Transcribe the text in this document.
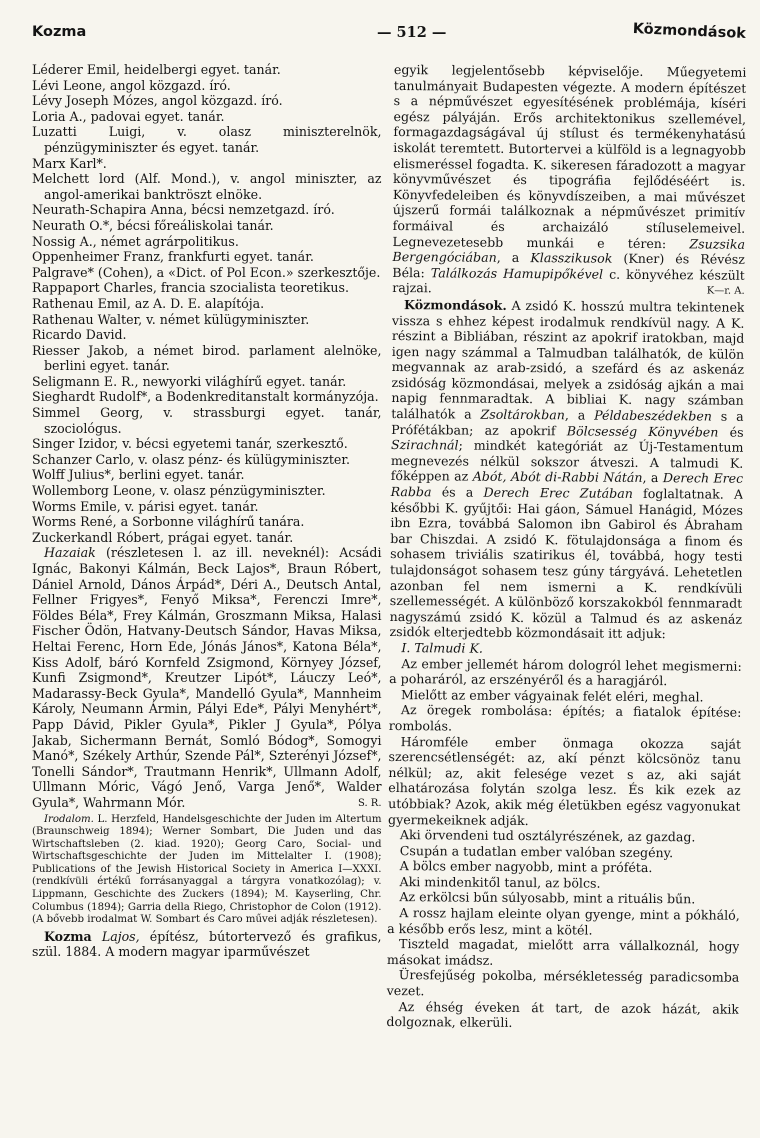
Kozma	— 512 —	Közmondások

Léderer Emil, heidelbergi egyet. tanár.

Lévi Leone, angol közgazd. író.

Lévy Joseph Mózes, angol közgazd. író.

Loria A., padovai egyet. tanár.

Luzatti Luigi, v. olasz miniszterelnök, pénzügyminiszter és egyet. tanár.

Marx Karl*.

Melchett lord (Alf. Mond.), v. angol miniszter, az angol-amerikai banktröszt elnöke.

Neurath-Schapira Anna, bécsi nemzetgazd. író.

Neurath O.*, bécsi főreáliskolai tanár.

Nossig A., német agrárpolitikus.

Oppenheimer Franz, frankfurti egyet. tanár.

Palgrave* (Cohen), a «Dict. of Pol Econ.» szerkesztője.

Rappaport Charles, francia szocialista teoretikus.

Rathenau Emil, az A. D. E. alapítója.

Rathenau Walter, v. német külügyminiszter.

Ricardo David.

Riesser Jakob, a német birod. parlament alelnöke, berlini egyet. tanár.

Seligmann E. R., newyorki világhírű egyet. tanár.

Sieghardt Rudolf*, a Bodenkreditanstalt kormányzója.

Simmel Georg, v. strassburgi egyet. tanár, szociológus.

Singer Izidor, v. bécsi egyetemi tanár, szerkesztő.

Schanzer Carlo, v. olasz pénz- és külügyminiszter.

Wolff Julius*, berlini egyet. tanár.

Wollemborg Leone, v. olasz pénzügyminiszter.

Worms Emile, v. párisi egyet. tanár.

Worms René, a Sorbonne világhírű tanára.

Zuckerkandl Róbert, prágai egyet. tanár.

Hazaiak (részletesen l. az ill. neveknél): Acsádi Ignác, Bakonyi Kálmán, Beck Lajos*, Braun Róbert, Dániel Arnold, Dános Árpád*, Déri A., Deutsch Antal, Fellner Frigyes*, Fenyő Miksa*, Ferenczi Imre*, Földes Béla*, Frey Kálmán, Groszmann Miksa, Halasi Fischer Ödön, Hatvany-Deutsch Sándor, Havas Miksa, Heltai Ferenc, Horn Ede, Jónás János*, Katona Béla*, Kiss Adolf, báró Kornfeld Zsigmond, Környey József, Kunfi Zsigmond*, Kreutzer Lipót*, Láuczy Leó*, Madarassy-Beck Gyula*, Mandelló Gyula*, Mannheim Károly, Neumann Ármin, Pályi Ede*, Pályi Menyhért*, Papp Dávid, Pikler Gyula*, Pikler J Gyula*, Pólya Jakab, Sichermann Bernát, Somló Bódog*, Somogyi Manó*, Székely Arthúr, Szende Pál*, Szterényi József*, Tonelli Sándor*, Trautmann Henrik*, Ullmann Adolf, Ullmann Móric, Vágó Jenő, Varga Jenő*, Walder Gyula*, Wahrmann Mór.	S. R.

Irodalom. L. Herzfeld, Handelsgeschichte der Juden im Altertum (Braunschweig 1894); Werner Sombart, Die Juden und das Wirtschaftsleben (2. kiad. 1920); Georg Caro, Social- und Wirtschaftsgeschichte der Juden im Mittelalter I. (1908); Publications of the Jewish Historical Society in America I—XXXI. (rendkívüli értékű forrásanyaggal a tárgyra vonatkozólag); v. Lippmann, Geschichte des Zuckers (1894); M. Kayserling, Chr. Columbus (1894); Garria della Riego, Christophor de Colon (1912). (A bővebb irodalmat W. Sombart és Caro művei adják részletesen).

Kozma Lajos, építész, bútortervező és grafikus, szül. 1884. A modern magyar iparművészet

egyik legjelentősebb képviselője. Műegyetemi tanulmányait Budapesten végezte. A modern építészet s a népművészet egyesítésének problémája, kíséri egész pályáján. Erős architektonikus szellemével, formagazdagságával új stílust és termékenyhatású iskolát teremtett. Butortervei a külföld is a legnagyobb elismeréssel fogadta. K. sikeresen fáradozott a magyar könyvművészet és tipográfia fejlődéséért is. Könyvfedeleiben és könyvdíszeiben, a mai művészet újszerű formái találkoznak a népművészet primitív formáival és archaizáló stíluselemeivel. Legnevezetesebb munkái e téren: Zsuzsika Bergengóciában, a Klasszikusok (Kner) és Révész Béla: Találkozás Hamupipőkével c. könyvéhez készült rajzai.	K—r. A.

Közmondások. A zsidó K. hosszú multra tekintenek vissza s ehhez képest irodalmuk rendkívül nagy. A K. részint a Bibliában, részint az apokrif iratokban, majd igen nagy számmal a Talmudban találhatók, de külön megvannak az arab-zsidó, a szefárd és az askenáz zsidóság közmondásai, melyek a zsidóság ajkán a mai napig fennmaradtak. A bibliai K. nagy számban találhatók a Zsoltárokban, a Példabeszédekben s a Prófétákban; az apokrif Bölcsesség Könyvében és Szirachnál; mindkét kategóriát az Új-Testamentum megnevezés nélkül sokszor átveszi. A talmudi K. főképpen az Abót, Abót di-Rabbi Nátán, a Derech Erec Rabba és a Derech Erec Zutában foglaltatnak. A későbbi K. gyűjtői: Hai gáon, Sámuel Hanágid, Mózes ibn Ezra, továbbá Salomon ibn Gabirol és Ábraham bar Chiszdai. A zsidó K. fötulajdonsága a finom és sohasem triviális szatirikus él, továbbá, hogy testi tulajdonságot sohasem tesz gúny tárgyává. Lehetetlen azonban fel nem ismerni a K. rendkívüli szellemességét. A különböző korszakokból fennmaradt nagyszámú zsidó K. közül a Talmud és az askenáz zsidók elterjedtebb közmondásait itt adjuk:

I. Talmudi K.

Az ember jellemét három dologról lehet megismerni: a poharáról, az erszényéről és a haragjáról.

Mielőtt az ember vágyainak felét eléri, meghal.

Az öregek rombolása: építés; a fiatalok építése: rombolás.

Háromféle ember önmaga okozza saját szerencsétlenségét: az, akí pénzt kölcsönöz tanu nélkül; az, akit felesége vezet s az, aki saját elhatározása folytán szolga lesz. És kik ezek az utóbbiak? Azok, akik még életükben egész vagyonukat gyermekeiknek adják.

Aki örvendeni tud osztályrészének, az gazdag.

Csupán a tudatlan ember valóban szegény.

A bölcs ember nagyobb, mint a próféta.

Aki mindenkitől tanul, az bölcs.

Az erkölcsi bűn súlyosabb, mint a rituális bűn.

A rossz hajlam eleinte olyan gyenge, mint a pókháló, a később erős lesz, mint a kötél.

Tiszteld magadat, mielőtt arra vállalkoznál, hogy másokat imádsz.

Üresfejűség pokolba, mérsékletesség paradicsomba vezet.

Az éhség éveken át tart, de azok házát, akik dolgoznak, elkerüli.
